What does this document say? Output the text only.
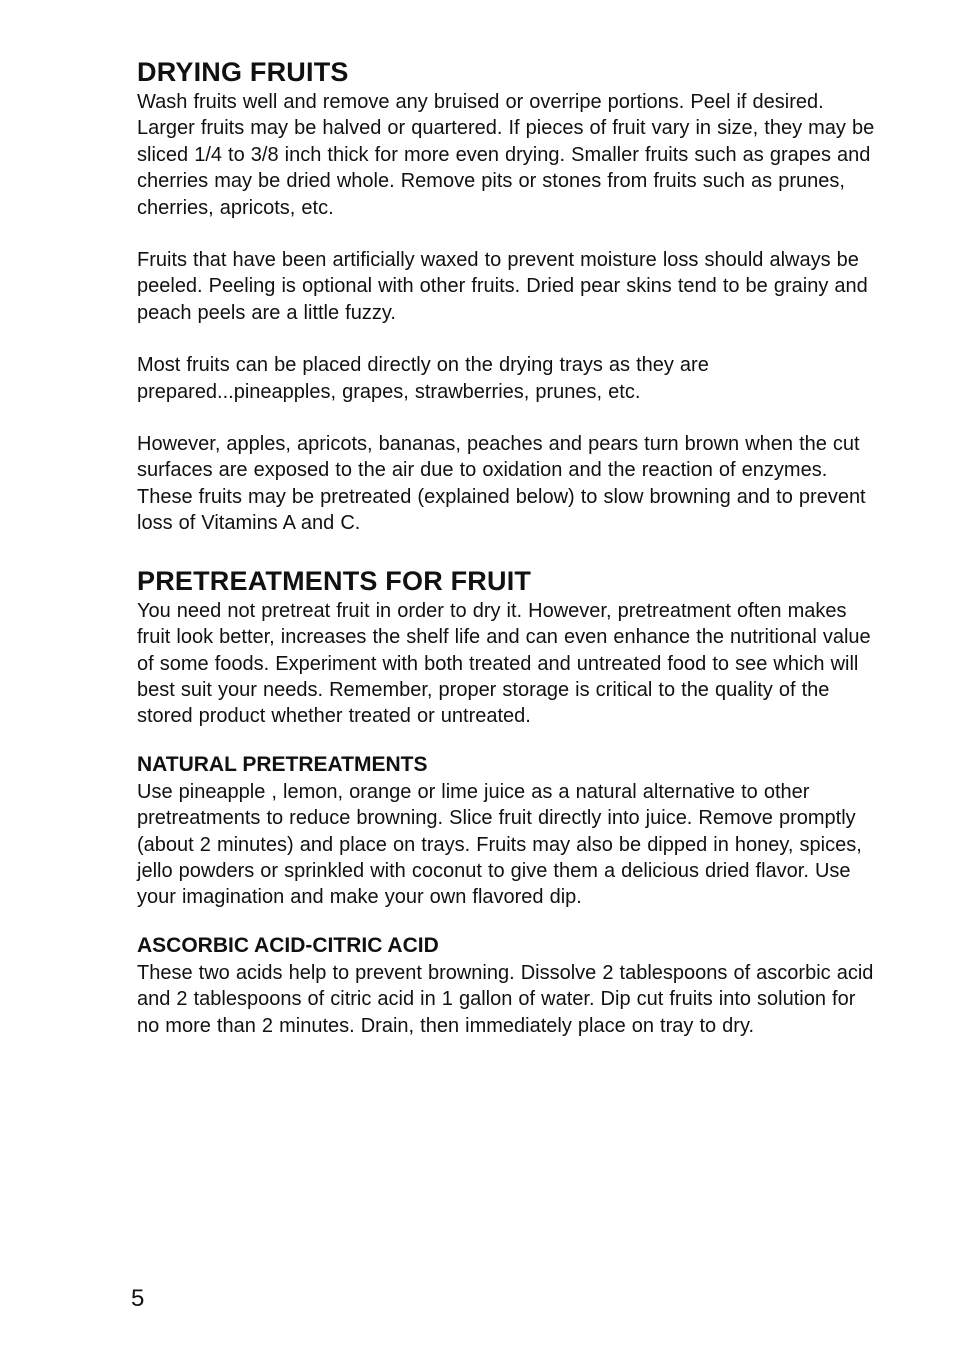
DRYING FRUITS

Wash fruits well and remove any bruised or overripe portions. Peel if desired. Larger fruits may be halved or quartered. If pieces of fruit vary in size, they may be sliced 1/4 to 3/8 inch thick for more even drying. Smaller fruits such as grapes and cherries may be dried whole. Remove pits or stones from fruits such as prunes, cherries, apricots, etc.

Fruits that have been artificially waxed to prevent moisture loss should always be peeled. Peeling is optional with other fruits. Dried pear skins tend to be grainy and peach peels are a little fuzzy.

Most fruits can be placed directly on the drying trays as they are prepared...pineapples, grapes, strawberries, prunes, etc.

However, apples, apricots, bananas, peaches and pears turn brown when the cut surfaces are exposed to the air due to oxidation and the reaction of enzymes. These fruits may be pretreated (explained below) to slow browning and to prevent loss of Vitamins A and C.

PRETREATMENTS FOR FRUIT

You need not pretreat fruit in order to dry it. However, pretreatment often makes fruit look better, increases the shelf life and can even enhance the nutritional value of some foods. Experiment with both treated and untreated food to see which will best suit your needs. Remember, proper storage is critical to the quality of the stored product whether treated or untreated.

NATURAL PRETREATMENTS

Use pineapple , lemon, orange or lime juice as a natural alternative to other pretreatments to reduce browning. Slice fruit directly into juice. Remove promptly (about 2 minutes) and place on trays. Fruits may also be dipped in honey, spices, jello powders or sprinkled with coconut to give them a delicious dried flavor. Use your imagination and make your own flavored dip.

ASCORBIC ACID-CITRIC ACID

These two acids help to prevent browning. Dissolve 2 tablespoons of ascorbic acid and 2 tablespoons of citric acid in 1 gallon of water. Dip cut fruits into solution for no more than 2 minutes. Drain, then immediately place on tray to dry.

5
